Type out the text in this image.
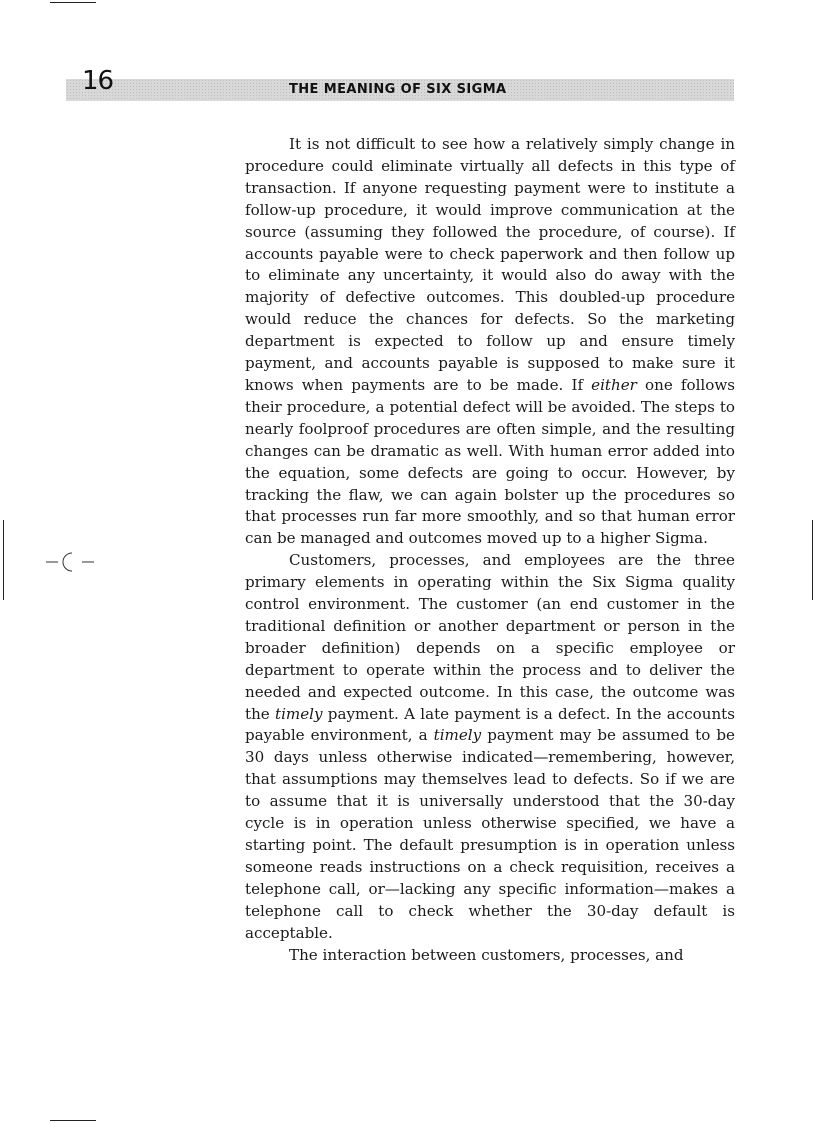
16	THE MEANING OF SIX SIGMA

It is not difficult to see how a relatively simply change in procedure could eliminate virtually all defects in this type of transaction. If anyone requesting payment were to institute a follow-up procedure, it would improve communication at the source (assuming they followed the procedure, of course). If accounts payable were to check paperwork and then follow up to eliminate any uncertainty, it would also do away with the majority of defective outcomes. This doubled-up procedure would reduce the chances for defects. So the marketing department is expected to follow up and ensure timely payment, and accounts payable is supposed to make sure it knows when payments are to be made. If either one follows their procedure, a potential defect will be avoided. The steps to nearly foolproof procedures are often simple, and the resulting changes can be dramatic as well. With human error added into the equation, some defects are going to occur. However, by tracking the flaw, we can again bolster up the procedures so that processes run far more smoothly, and so that human error can be managed and outcomes moved up to a higher Sigma.

Customers, processes, and employees are the three primary elements in operating within the Six Sigma quality control environment. The customer (an end customer in the traditional definition or another department or person in the broader definition) depends on a specific employee or department to operate within the process and to deliver the needed and expected outcome. In this case, the outcome was the timely payment. A late payment is a defect. In the accounts payable environment, a timely payment may be assumed to be 30 days unless otherwise indicated—remembering, however, that assumptions may themselves lead to defects. So if we are to assume that it is universally understood that the 30-day cycle is in operation unless otherwise specified, we have a starting point. The default presumption is in operation unless someone reads instructions on a check requisition, receives a telephone call, or—lacking any specific information—makes a telephone call to check whether the 30-day default is acceptable.

The interaction between customers, processes, and
